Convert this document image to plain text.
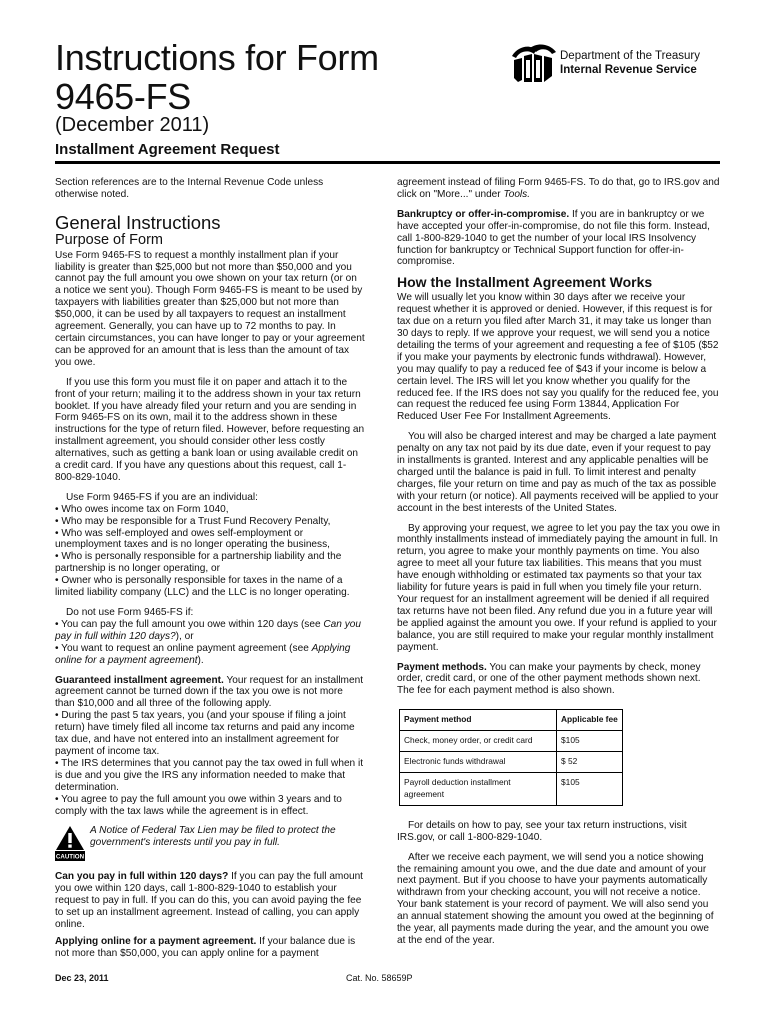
Instructions for Form
9465-FS
(December 2011)
Installment Agreement Request
Department of the Treasury
Internal Revenue Service

Section references are to the Internal Revenue Code unless otherwise noted.

General Instructions
Purpose of Form

Use Form 9465-FS to request a monthly installment plan if your liability is greater than $25,000 but not more than $50,000 and you cannot pay the full amount you owe shown on your tax return (or on a notice we sent you). Though Form 9465-FS is meant to be used by taxpayers with liabilities greater than $25,000 but not more than $50,000, it can be used by all taxpayers to request an installment agreement. Generally, you can have up to 72 months to pay. In certain circumstances, you can have longer to pay or your agreement can be approved for an amount that is less than the amount of tax you owe.

If you use this form you must file it on paper and attach it to the front of your return; mailing it to the address shown in your tax return booklet. If you have already filed your return and you are sending in Form 9465-FS on its own, mail it to the address shown in these instructions for the type of return filed. However, before requesting an installment agreement, you should consider other less costly alternatives, such as getting a bank loan or using available credit on a credit card. If you have any questions about this request, call 1-800-829-1040.

Use Form 9465-FS if you are an individual:

• Who owes income tax on Form 1040,
• Who may be responsible for a Trust Fund Recovery Penalty,
• Who was self-employed and owes self-employment or unemployment taxes and is no longer operating the business,
• Who is personally responsible for a partnership liability and the partnership is no longer operating, or
• Owner who is personally responsible for taxes in the name of a limited liability company (LLC) and the LLC is no longer operating.

Do not use Form 9465-FS if:

• You can pay the full amount you owe within 120 days (see Can you pay in full within 120 days?), or
• You want to request an online payment agreement (see Applying online for a payment agreement).

Guaranteed installment agreement. Your request for an installment agreement cannot be turned down if the tax you owe is not more than $10,000 and all three of the following apply.

• During the past 5 tax years, you (and your spouse if filing a joint return) have timely filed all income tax returns and paid any income tax due, and have not entered into an installment agreement for payment of income tax.
• The IRS determines that you cannot pay the tax owed in full when it is due and you give the IRS any information needed to make that determination.
• You agree to pay the full amount you owe within 3 years and to comply with the tax laws while the agreement is in effect.
CAUTION
A Notice of Federal Tax Lien may be filed to protect the government's interests until you pay in full.

Can you pay in full within 120 days? If you can pay the full amount you owe within 120 days, call 1-800-829-1040 to establish your request to pay in full. If you can do this, you can avoid paying the fee to set up an installment agreement. Instead of calling, you can apply online.

Applying online for a payment agreement. If your balance due is not more than $50,000, you can apply online for a payment

agreement instead of filing Form 9465-FS. To do that, go to IRS.gov and click on "More..." under Tools.

Bankruptcy or offer-in-compromise. If you are in bankruptcy or we have accepted your offer-in-compromise, do not file this form. Instead, call 1-800-829-1040 to get the number of your local IRS Insolvency function for bankruptcy or Technical Support function for offer-in-compromise.

How the Installment Agreement Works

We will usually let you know within 30 days after we receive your request whether it is approved or denied. However, if this request is for tax due on a return you filed after March 31, it may take us longer than 30 days to reply. If we approve your request, we will send you a notice detailing the terms of your agreement and requesting a fee of $105 ($52 if you make your payments by electronic funds withdrawal). However, you may qualify to pay a reduced fee of $43 if your income is below a certain level. The IRS will let you know whether you qualify for the reduced fee. If the IRS does not say you qualify for the reduced fee, you can request the reduced fee using Form 13844, Application For Reduced User Fee For Installment Agreements.

You will also be charged interest and may be charged a late payment penalty on any tax not paid by its due date, even if your request to pay in installments is granted. Interest and any applicable penalties will be charged until the balance is paid in full. To limit interest and penalty charges, file your return on time and pay as much of the tax as possible with your return (or notice). All payments received will be applied to your account in the best interests of the United States.

By approving your request, we agree to let you pay the tax you owe in monthly installments instead of immediately paying the amount in full. In return, you agree to make your monthly payments on time. You also agree to meet all your future tax liabilities. This means that you must have enough withholding or estimated tax payments so that your tax liability for future years is paid in full when you timely file your return. Your request for an installment agreement will be denied if all required tax returns have not been filed. Any refund due you in a future year will be applied against the amount you owe. If your refund is applied to your balance, you are still required to make your regular monthly installment payment.

Payment methods. You can make your payments by check, money order, credit card, or one of the other payment methods shown next. The fee for each payment method is also shown.

Payment method	Applicable fee
Check, money order, or credit card	$105
Electronic funds withdrawal	$ 52
Payroll deduction installment agreement	$105

For details on how to pay, see your tax return instructions, visit IRS.gov, or call 1-800-829-1040.

After we receive each payment, we will send you a notice showing the remaining amount you owe, and the due date and amount of your next payment. But if you choose to have your payments automatically withdrawn from your checking account, you will not receive a notice. Your bank statement is your record of payment. We will also send you an annual statement showing the amount you owed at the beginning of the year, all payments made during the year, and the amount you owe at the end of the year.

Dec 23, 2011	Cat. No. 58659P
